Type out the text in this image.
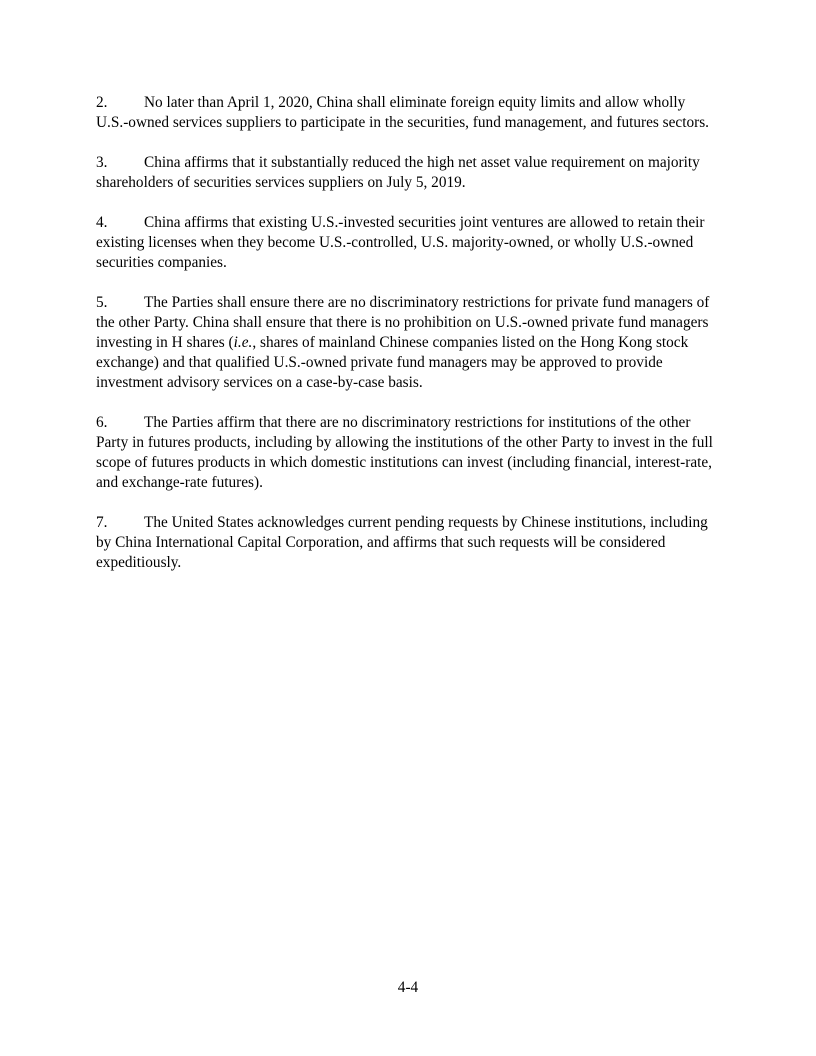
2. No later than April 1, 2020, China shall eliminate foreign equity limits and allow wholly U.S.-owned services suppliers to participate in the securities, fund management, and futures sectors.

3. China affirms that it substantially reduced the high net asset value requirement on majority shareholders of securities services suppliers on July 5, 2019.

4. China affirms that existing U.S.-invested securities joint ventures are allowed to retain their existing licenses when they become U.S.-controlled, U.S. majority-owned, or wholly U.S.-owned securities companies.

5. The Parties shall ensure there are no discriminatory restrictions for private fund managers of the other Party. China shall ensure that there is no prohibition on U.S.-owned private fund managers investing in H shares (i.e., shares of mainland Chinese companies listed on the Hong Kong stock exchange) and that qualified U.S.-owned private fund managers may be approved to provide investment advisory services on a case-by-case basis.

6. The Parties affirm that there are no discriminatory restrictions for institutions of the other Party in futures products, including by allowing the institutions of the other Party to invest in the full scope of futures products in which domestic institutions can invest (including financial, interest-rate, and exchange-rate futures).

7. The United States acknowledges current pending requests by Chinese institutions, including by China International Capital Corporation, and affirms that such requests will be considered expeditiously.

4-4
